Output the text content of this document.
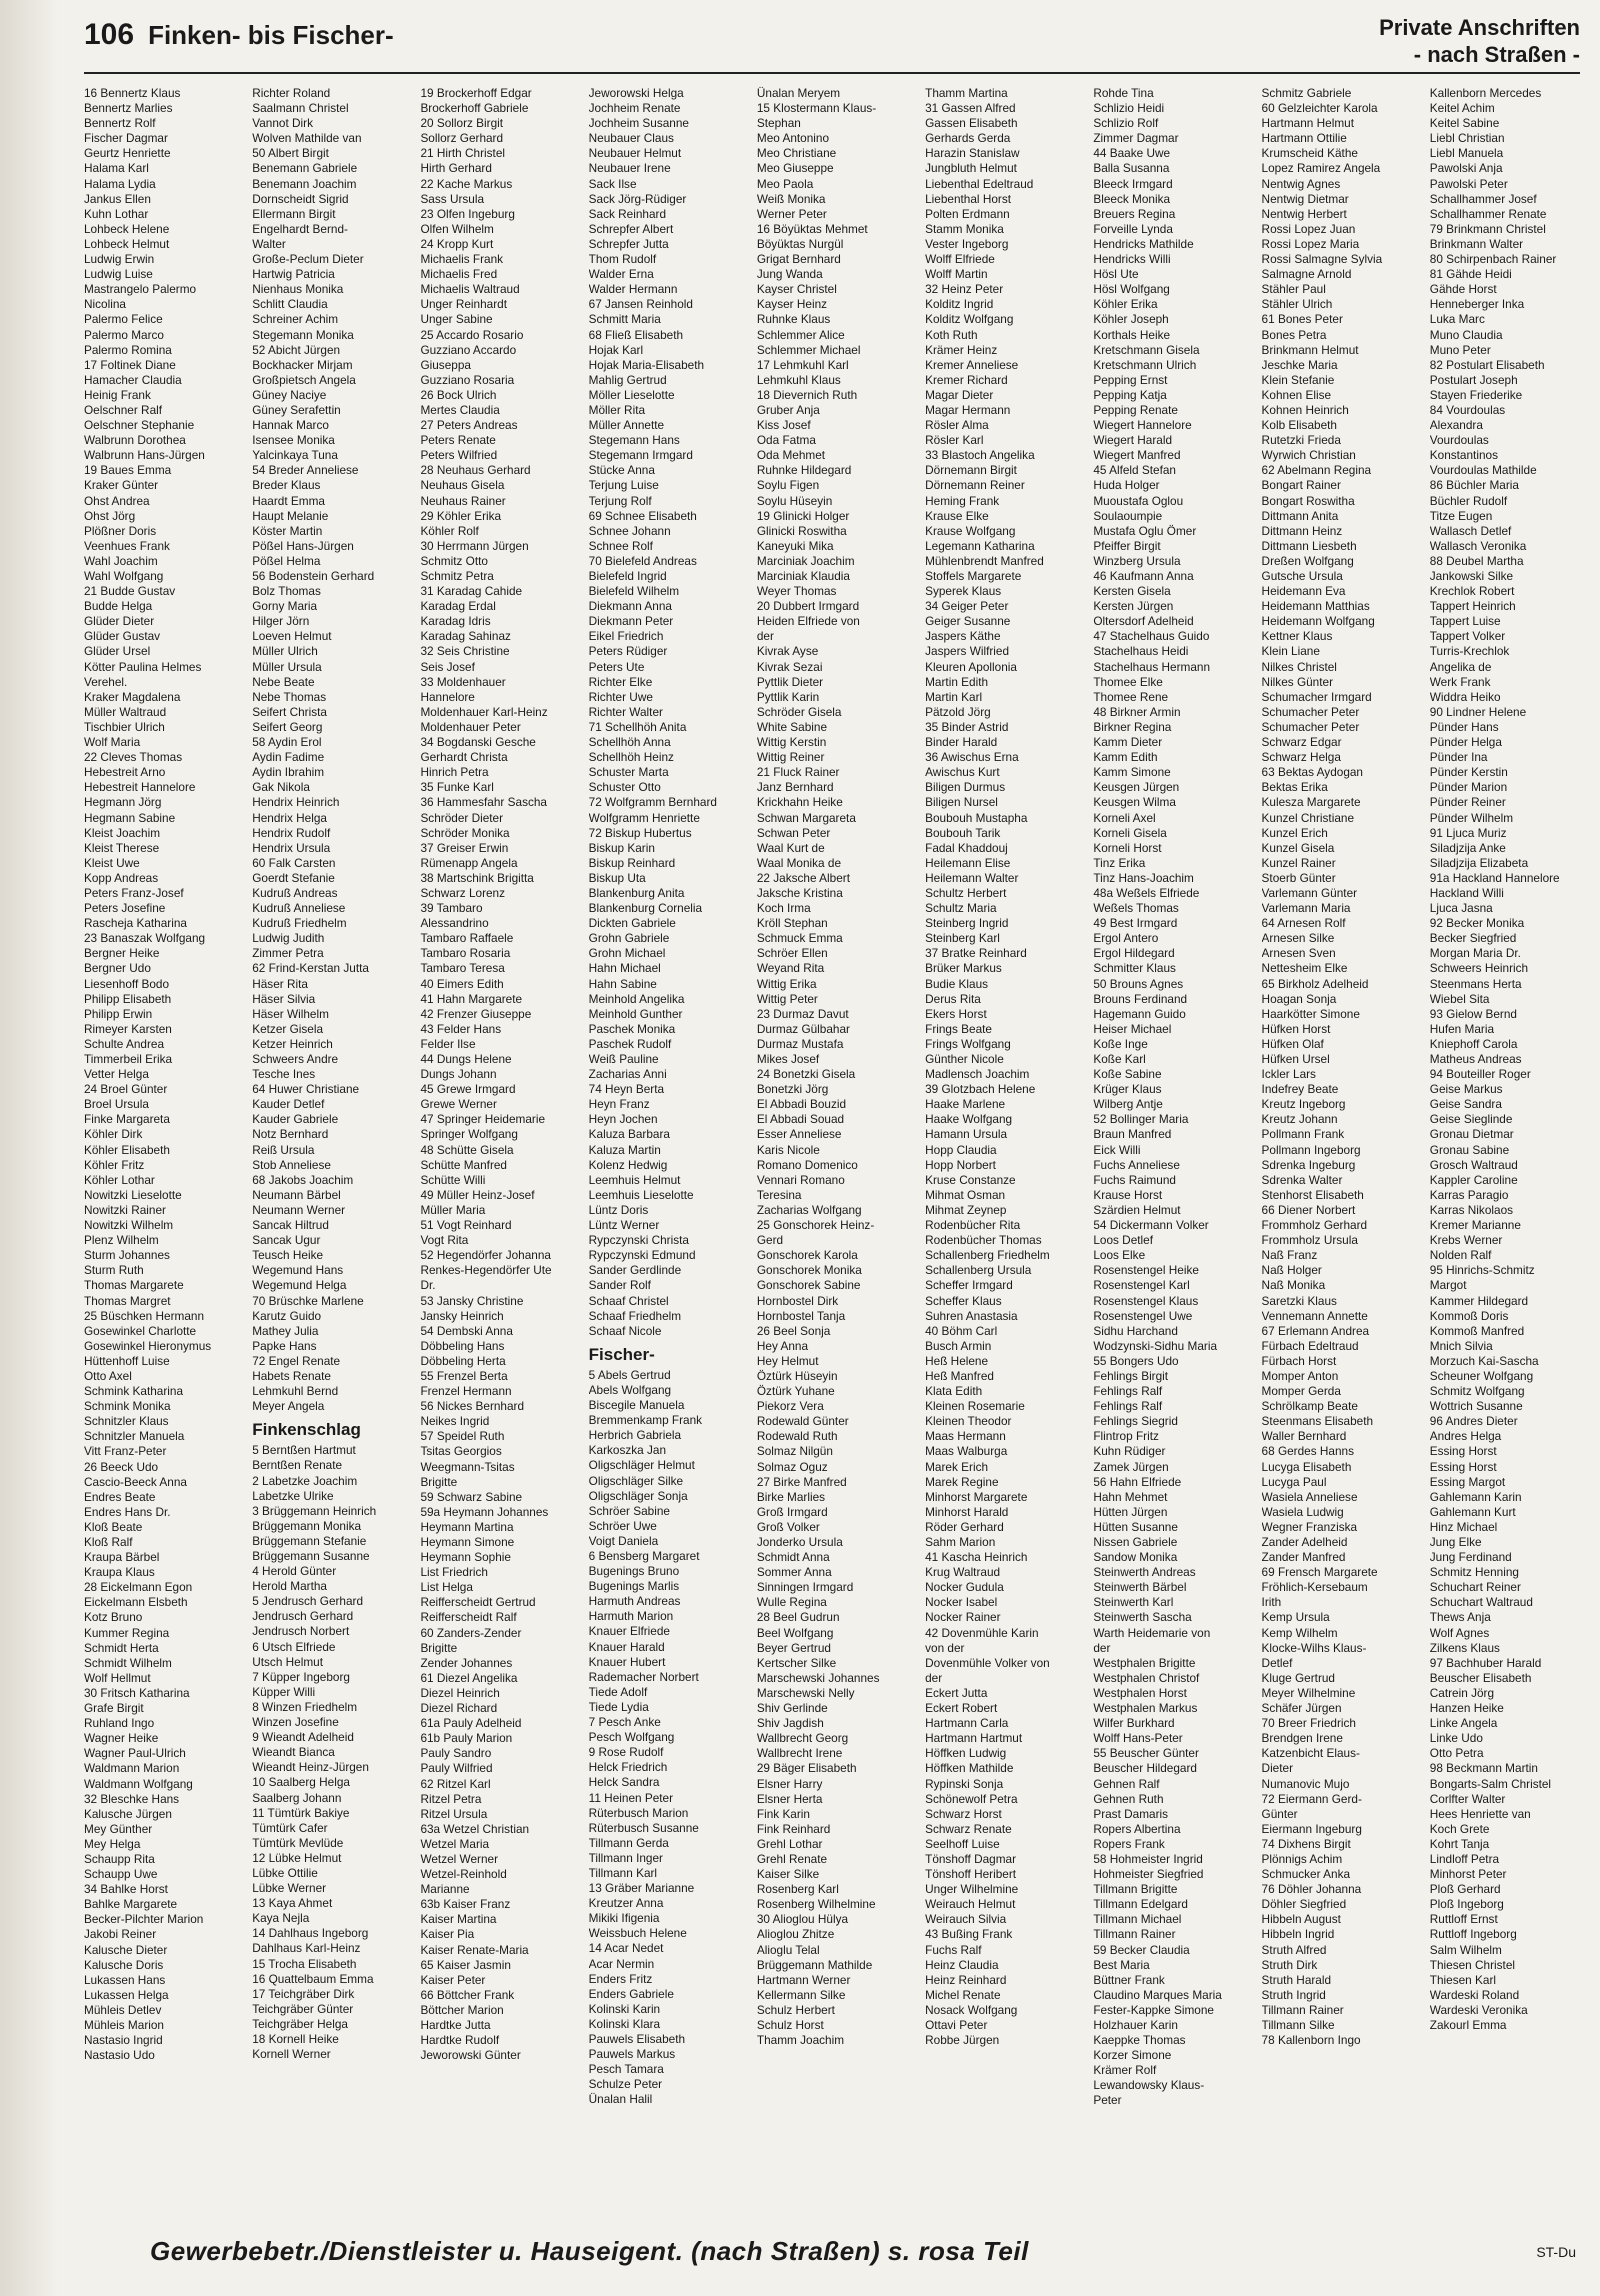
106 Finken- bis Fischer-	Private Anschriften
- nach Straßen -
16 Bennertz Klaus
Bennertz Marlies
Bennertz Rolf
Fischer Dagmar
Geurtz Henriette
Halama Karl
Halama Lydia
Jankus Ellen
Kuhn Lothar
Lohbeck Helene
Lohbeck Helmut
Ludwig Erwin
Ludwig Luise
Mastrangelo Palermo
Nicolina
Palermo Felice
Palermo Marco
Palermo Romina
17 Foltinek Diane
Hamacher Claudia
Heinig Frank
Oelschner Ralf
Oelschner Stephanie
Walbrunn Dorothea
Walbrunn Hans-Jürgen
19 Baues Emma
Kraker Günter
Ohst Andrea
Ohst Jörg
Plößner Doris
Veenhues Frank
Wahl Joachim
Wahl Wolfgang
21 Budde Gustav
Budde Helga
Glüder Dieter
Glüder Gustav
Glüder Ursel
Kötter Paulina Helmes
Verehel.
Kraker Magdalena
Müller Waltraud
Tischbier Ulrich
Wolf Maria
22 Cleves Thomas
Hebestreit Arno
Hebestreit Hannelore
Hegmann Jörg
Hegmann Sabine
Kleist Joachim
Kleist Therese
Kleist Uwe
Kopp Andreas
Peters Franz-Josef
Peters Josefine
Rascheja Katharina
23 Banaszak Wolfgang
Bergner Heike
Bergner Udo
Liesenhoff Bodo
Philipp Elisabeth
Philipp Erwin
Rimeyer Karsten
Schulte Andrea
Timmerbeil Erika
Vetter Helga
24 Broel Günter
Broel Ursula
Finke Margareta
Köhler Dirk
Köhler Elisabeth
Köhler Fritz
Köhler Lothar
Nowitzki Lieselotte
Nowitzki Rainer
Nowitzki Wilhelm
Plenz Wilhelm
Sturm Johannes
Sturm Ruth
Thomas Margarete
Thomas Margret
25 Büschken Hermann
Gosewinkel Charlotte
Gosewinkel Hieronymus
Hüttenhoff Luise
Otto Axel
Schmink Katharina
Schmink Monika
Schnitzler Klaus
Schnitzler Manuela
Vitt Franz-Peter
26 Beeck Udo
Cascio-Beeck Anna
Endres Beate
Endres Hans Dr.
Kloß Beate
Kloß Ralf
Kraupa Bärbel
Kraupa Klaus
28 Eickelmann Egon
Eickelmann Elsbeth
Kotz Bruno
Kummer Regina
Schmidt Herta
Schmidt Wilhelm
Wolf Hellmut
30 Fritsch Katharina
Grafe Birgit
Ruhland Ingo
Wagner Heike
Wagner Paul-Ulrich
Waldmann Marion
Waldmann Wolfgang
32 Bleschke Hans
Kalusche Jürgen
Mey Günther
Mey Helga
Schaupp Rita
Schaupp Uwe
34 Bahlke Horst
Bahlke Margarete
Becker-Pilchter Marion
Jakobi Reiner
Kalusche Dieter
Kalusche Doris
Lukassen Hans
Lukassen Helga
Mühleis Detlev
Mühleis Marion
Nastasio Ingrid
Nastasio Udo
Richter Roland
Saalmann Christel
Vannot Dirk
Wolven Mathilde van
50 Albert Birgit
Benemann Gabriele
Benemann Joachim
Dornscheidt Sigrid
Ellermann Birgit
Engelhardt Bernd-
Walter
Große-Peclum Dieter
Hartwig Patricia
Nienhaus Monika
Schlitt Claudia
Schreiner Achim
Stegemann Monika
52 Abicht Jürgen
Bockhacker Mirjam
Großpietsch Angela
Güney Naciye
Güney Serafettin
Hannak Marco
Isensee Monika
Yalcinkaya Tuna
54 Breder Anneliese
Breder Klaus
Haardt Emma
Haupt Melanie
Köster Martin
Pößel Hans-Jürgen
Pößel Helma
56 Bodenstein Gerhard
Bolz Thomas
Gorny Maria
Hilger Jörn
Loeven Helmut
Müller Ulrich
Müller Ursula
Nebe Beate
Nebe Thomas
Seifert Christa
Seifert Georg
58 Aydin Erol
Aydin Fadime
Aydin Ibrahim
Gak Nikola
Hendrix Heinrich
Hendrix Helga
Hendrix Rudolf
Hendrix Ursula
60 Falk Carsten
Goerdt Stefanie
Kudruß Andreas
Kudruß Anneliese
Kudruß Friedhelm
Ludwig Judith
Zimmer Petra
62 Frind-Kerstan Jutta
Häser Rita
Häser Silvia
Häser Wilhelm
Ketzer Gisela
Ketzer Heinrich
Schweers Andre
Tesche Ines
64 Huwer Christiane
Kauder Detlef
Kauder Gabriele
Notz Bernhard
Reiß Ursula
Stob Anneliese
68 Jakobs Joachim
Neumann Bärbel
Neumann Werner
Sancak Hiltrud
Sancak Ugur
Teusch Heike
Wegemund Hans
Wegemund Helga
70 Brüschke Marlene
Karutz Guido
Mathey Julia
Papke Hans
72 Engel Renate
Habets Renate
Lehmkuhl Bernd
Meyer Angela
Finkenschlag
5 Berntßen Hartmut
Berntßen Renate
2 Labetzke Joachim
Labetzke Ulrike
3 Brüggemann Heinrich
Brüggemann Monika
Brüggemann Stefanie
Brüggemann Susanne
4 Herold Günter
Herold Martha
5 Jendrusch Gerhard
Jendrusch Gerhard
Jendrusch Norbert
6 Utsch Elfriede
Utsch Helmut
7 Küpper Ingeborg
Küpper Willi
8 Winzen Friedhelm
Winzen Josefine
9 Wieandt Adelheid
Wieandt Bianca
Wieandt Heinz-Jürgen
10 Saalberg Helga
Saalberg Johann
11 Tümtürk Bakiye
Tümtürk Cafer
Tümtürk Mevlüde
12 Lübke Helmut
Lübke Ottilie
Lübke Werner
13 Kaya Ahmet
Kaya Nejla
14 Dahlhaus Ingeborg
Dahlhaus Karl-Heinz
15 Trocha Elisabeth
16 Quattelbaum Emma
17 Teichgräber Dirk
Teichgräber Günter
Teichgräber Helga
18 Kornell Heike
Kornell Werner
19 Brockerhoff Edgar
Brockerhoff Gabriele
20 Sollorz Birgit
Sollorz Gerhard
21 Hirth Christel
Hirth Gerhard
22 Kache Markus
Sass Ursula
23 Olfen Ingeburg
Olfen Wilhelm
24 Kropp Kurt
Michaelis Frank
Michaelis Fred
Michaelis Waltraud
Unger Reinhardt
Unger Sabine
25 Accardo Rosario
Guzziano Accardo
Giuseppa
Guzziano Rosaria
26 Bock Ulrich
Mertes Claudia
27 Peters Andreas
Peters Renate
Peters Wilfried
28 Neuhaus Gerhard
Neuhaus Gisela
Neuhaus Rainer
29 Köhler Erika
Köhler Rolf
30 Herrmann Jürgen
Schmitz Otto
Schmitz Petra
31 Karadag Cahide
Karadag Erdal
Karadag Idris
Karadag Sahinaz
32 Seis Christine
Seis Josef
33 Moldenhauer
Hannelore
Moldenhauer Karl-Heinz
Moldenhauer Peter
34 Bogdanski Gesche
Gerhardt Christa
Hinrich Petra
35 Funke Karl
36 Hammesfahr Sascha
Schröder Dieter
Schröder Monika
37 Greiser Erwin
Rümenapp Angela
38 Martschink Brigitta
Schwarz Lorenz
39 Tambaro
Alessandrino
Tambaro Raffaele
Tambaro Rosaria
Tambaro Teresa
40 Eimers Edith
41 Hahn Margarete
42 Frenzer Giuseppe
43 Felder Hans
Felder Ilse
44 Dungs Helene
Dungs Johann
45 Grewe Irmgard
Grewe Werner
47 Springer Heidemarie
Springer Wolfgang
48 Schütte Gisela
Schütte Manfred
Schütte Willi
49 Müller Heinz-Josef
Müller Maria
51 Vogt Reinhard
Vogt Rita
52 Hegendörfer Johanna
Renkes-Hegendörfer Ute
Dr.
53 Jansky Christine
Jansky Heinrich
54 Dembski Anna
Döbbeling Hans
Döbbeling Herta
55 Frenzel Berta
Frenzel Hermann
56 Nickes Bernhard
Neikes Ingrid
57 Speidel Ruth
Tsitas Georgios
Weegmann-Tsitas
Brigitte
59 Schwarz Sabine
59a Heymann Johannes
Heymann Martina
Heymann Simone
Heymann Sophie
List Friedrich
List Helga
Reifferscheidt Gertrud
Reifferscheidt Ralf
60 Zanders-Zender
Brigitte
Zender Johannes
61 Diezel Angelika
Diezel Heinrich
Diezel Richard
61a Pauly Adelheid
61b Pauly Marion
Pauly Sandro
Pauly Wilfried
62 Ritzel Karl
Ritzel Petra
Ritzel Ursula
63a Wetzel Christian
Wetzel Maria
Wetzel Werner
Wetzel-Reinhold
Marianne
63b Kaiser Franz
Kaiser Martina
Kaiser Pia
Kaiser Renate-Maria
65 Kaiser Jasmin
Kaiser Peter
66 Böttcher Frank
Böttcher Marion
Hardtke Jutta
Hardtke Rudolf
Jeworowski Günter
Jeworowski Helga
Jochheim Renate
Jochheim Susanne
Neubauer Claus
Neubauer Helmut
Neubauer Irene
Sack Ilse
Sack Jörg-Rüdiger
Sack Reinhard
Schrepfer Albert
Schrepfer Jutta
Thom Rudolf
Walder Erna
Walder Hermann
67 Jansen Reinhold
Schmitt Maria
68 Fließ Elisabeth
Hojak Karl
Hojak Maria-Elisabeth
Mahlig Gertrud
Möller Lieselotte
Möller Rita
Müller Annette
Stegemann Hans
Stegemann Irmgard
Stücke Anna
Terjung Luise
Terjung Rolf
69 Schnee Elisabeth
Schnee Johann
Schnee Rolf
70 Bielefeld Andreas
Bielefeld Ingrid
Bielefeld Wilhelm
Diekmann Anna
Diekmann Peter
Eikel Friedrich
Peters Rüdiger
Peters Ute
Richter Elke
Richter Uwe
Richter Walter
71 Schellhöh Anita
Schellhöh Anna
Schellhöh Heinz
Schuster Marta
Schuster Otto
72 Wolfgramm Bernhard
Wolfgramm Henriette
72 Biskup Hubertus
Biskup Karin
Biskup Reinhard
Biskup Uta
Blankenburg Anita
Blankenburg Cornelia
Dickten Gabriele
Grohn Gabriele
Grohn Michael
Hahn Michael
Hahn Sabine
Meinhold Angelika
Meinhold Gunther
Paschek Monika
Paschek Rudolf
Weiß Pauline
Zacharias Anni
74 Heyn Berta
Heyn Franz
Heyn Jochen
Kaluza Barbara
Kaluza Martin
Kolenz Hedwig
Leemhuis Helmut
Leemhuis Lieselotte
Lüntz Doris
Lüntz Werner
Rypczynski Christa
Rypczynski Edmund
Sander Gerdlinde
Sander Rolf
Schaaf Christel
Schaaf Friedhelm
Schaaf Nicole
Fischer-
5 Abels Gertrud
Abels Wolfgang
Biscegile Manuela
Bremmenkamp Frank
Herbrich Gabriela
Karkoszka Jan
Oligschläger Helmut
Oligschläger Silke
Oligschläger Sonja
Schröer Sabine
Schröer Uwe
Voigt Daniela
6 Bensberg Margaret
Bugenings Bruno
Bugenings Marlis
Harmuth Andreas
Harmuth Marion
Knauer Elfriede
Knauer Harald
Knauer Hubert
Rademacher Norbert
Tiede Adolf
Tiede Lydia
7 Pesch Anke
Pesch Wolfgang
9 Rose Rudolf
Helck Friedrich
Helck Sandra
11 Heinen Peter
Rüterbusch Marion
Rüterbusch Susanne
Tillmann Gerda
Tillmann Inger
Tillmann Karl
13 Gräber Marianne
Kreutzer Anna
Mikiki Ifigenia
Weissbuch Helene
14 Acar Nedet
Acar Nermin
Enders Fritz
Enders Gabriele
Kolinski Karin
Kolinski Klara
Pauwels Elisabeth
Pauwels Markus
Pesch Tamara
Schulze Peter
Ünalan Halil
Ünalan Meryem
15 Klostermann Klaus-
Stephan
Meo Antonino
Meo Christiane
Meo Giuseppe
Meo Paola
Weiß Monika
Werner Peter
16 Böyüktas Mehmet
Böyüktas Nurgül
Grigat Bernhard
Jung Wanda
Kayser Christel
Kayser Heinz
Ruhnke Klaus
Schlemmer Alice
Schlemmer Michael
17 Lehmkuhl Karl
Lehmkuhl Klaus
18 Dievernich Ruth
Gruber Anja
Kiss Josef
Oda Fatma
Oda Mehmet
Ruhnke Hildegard
Soylu Figen
Soylu Hüseyin
19 Glinicki Holger
Glinicki Roswitha
Kaneyuki Mika
Marciniak Joachim
Marciniak Klaudia
Weyer Thomas
20 Dubbert Irmgard
Heiden Elfriede von
der
Kivrak Ayse
Kivrak Sezai
Pyttlik Dieter
Pyttlik Karin
Schröder Gisela
White Sabine
Wittig Kerstin
Wittig Reiner
21 Fluck Rainer
Janz Bernhard
Krickhahn Heike
Schwan Margareta
Schwan Peter
Waal Kurt de
Waal Monika de
22 Jaksche Albert
Jaksche Kristina
Koch Irma
Kröll Stephan
Schmuck Emma
Schröer Ellen
Weyand Rita
Wittig Erika
Wittig Peter
23 Durmaz Davut
Durmaz Gülbahar
Durmaz Mustafa
Mikes Josef
24 Bonetzki Gisela
Bonetzki Jörg
El Abbadi Bouzid
El Abbadi Souad
Esser Anneliese
Karis Nicole
Romano Domenico
Vennari Romano
Teresina
Zacharias Wolfgang
25 Gonschorek Heinz-
Gerd
Gonschorek Karola
Gonschorek Monika
Gonschorek Sabine
Hornbostel Dirk
Hornbostel Tanja
26 Beel Sonja
Hey Anna
Hey Helmut
Öztürk Hüseyin
Öztürk Yuhane
Piekorz Vera
Rodewald Günter
Rodewald Ruth
Solmaz Nilgün
Solmaz Oguz
27 Birke Manfred
Birke Marlies
Groß Irmgard
Groß Volker
Jonderko Ursula
Schmidt Anna
Sommer Anna
Sinningen Irmgard
Wulle Regina
28 Beel Gudrun
Beel Wolfgang
Beyer Gertrud
Kertscher Silke
Marschewski Johannes
Marschewski Nelly
Shiv Gerlinde
Shiv Jagdish
Wallbrecht Georg
Wallbrecht Irene
29 Bäger Elisabeth
Elsner Harry
Elsner Herta
Fink Karin
Fink Reinhard
Grehl Lothar
Grehl Renate
Kaiser Silke
Rosenberg Karl
Rosenberg Wilhelmine
30 Alioglou Hülya
Alioglou Zhitze
Alioglu Telal
Brüggemann Mathilde
Hartmann Werner
Kellermann Silke
Schulz Herbert
Schulz Horst
Thamm Joachim
Thamm Martina
31 Gassen Alfred
Gassen Elisabeth
Gerhards Gerda
Harazin Stanislaw
Jungbluth Helmut
Liebenthal Edeltraud
Liebenthal Horst
Polten Erdmann
Stamm Monika
Vester Ingeborg
Wolff Elfriede
Wolff Martin
32 Heinz Peter
Kolditz Ingrid
Kolditz Wolfgang
Koth Ruth
Krämer Heinz
Kremer Anneliese
Kremer Richard
Magar Dieter
Magar Hermann
Rösler Alma
Rösler Karl
33 Blastoch Angelika
Dörnemann Birgit
Dörnemann Reiner
Heming Frank
Krause Elke
Krause Wolfgang
Legemann Katharina
Mühlenbrendt Manfred
Stoffels Margarete
Syperek Klaus
34 Geiger Peter
Geiger Susanne
Jaspers Käthe
Jaspers Wilfried
Kleuren Apollonia
Martin Edith
Martin Karl
Pätzold Jörg
35 Binder Astrid
Binder Harald
36 Awischus Erna
Awischus Kurt
Biligen Durmus
Biligen Nursel
Boubouh Mustapha
Boubouh Tarik
Fadal Khaddouj
Heilemann Elise
Heilemann Walter
Schultz Herbert
Schultz Maria
Steinberg Ingrid
Steinberg Karl
37 Bratke Reinhard
Brüker Markus
Budie Klaus
Derus Rita
Ekers Horst
Frings Beate
Frings Wolfgang
Günther Nicole
Madlensch Joachim
39 Glotzbach Helene
Haake Marlene
Haake Wolfgang
Hamann Ursula
Hopp Claudia
Hopp Norbert
Kruse Constanze
Mihmat Osman
Mihmat Zeynep
Rodenbücher Rita
Rodenbücher Thomas
Schallenberg Friedhelm
Schallenberg Ursula
Scheffer Irmgard
Scheffer Klaus
Suhren Anastasia
40 Böhm Carl
Busch Armin
Heß Helene
Heß Manfred
Klata Edith
Kleinen Rosemarie
Kleinen Theodor
Maas Hermann
Maas Walburga
Marek Erich
Marek Regine
Minhorst Margarete
Minhorst Harald
Röder Gerhard
Sahm Marion
41 Kascha Heinrich
Krug Waltraud
Nocker Gudula
Nocker Isabel
Nocker Rainer
42 Dovenmühle Karin
von der
Dovenmühle Volker von
der
Eckert Jutta
Eckert Robert
Hartmann Carla
Hartmann Hartmut
Höffken Ludwig
Höffken Mathilde
Rypinski Sonja
Schönewolf Petra
Schwarz Horst
Schwarz Renate
Seelhoff Luise
Tönshoff Dagmar
Tönshoff Heribert
Unger Wilhelmine
Weirauch Helmut
Weirauch Silvia
43 Bußing Frank
Fuchs Ralf
Heinz Claudia
Heinz Reinhard
Michel Renate
Nosack Wolfgang
Ottavi Peter
Robbe Jürgen
Rohde Tina
Schlizio Heidi
Schlizio Rolf
Zimmer Dagmar
44 Baake Uwe
Balla Susanna
Bleeck Irmgard
Bleeck Monika
Breuers Regina
Forveille Lynda
Hendricks Mathilde
Hendricks Willi
Hösl Ute
Hösl Wolfgang
Köhler Erika
Köhler Joseph
Korthals Heike
Kretschmann Gisela
Kretschmann Ulrich
Pepping Ernst
Pepping Katja
Pepping Renate
Wiegert Hannelore
Wiegert Harald
Wiegert Manfred
45 Alfeld Stefan
Huda Holger
Muoustafa Oglou
Soulaoumpie
Mustafa Oglu Ömer
Pfeiffer Birgit
Winzberg Ursula
46 Kaufmann Anna
Kersten Gisela
Kersten Jürgen
Oltersdorf Adelheid
47 Stachelhaus Guido
Stachelhaus Heidi
Stachelhaus Hermann
Thomee Elke
Thomee Rene
48 Birkner Armin
Birkner Regina
Kamm Dieter
Kamm Edith
Kamm Simone
Keusgen Jürgen
Keusgen Wilma
Korneli Axel
Korneli Gisela
Korneli Horst
Tinz Erika
Tinz Hans-Joachim
48a Weßels Elfriede
Weßels Thomas
49 Best Irmgard
Ergol Antero
Ergol Hildegard
Schmitter Klaus
50 Brouns Agnes
Brouns Ferdinand
Hagemann Guido
Heiser Michael
Koße Inge
Koße Karl
Koße Sabine
Krüger Klaus
Wilberg Antje
52 Bollinger Maria
Braun Manfred
Eick Willi
Fuchs Anneliese
Fuchs Raimund
Krause Horst
Szärdien Helmut
54 Dickermann Volker
Loos Detlef
Loos Elke
Rosenstengel Heike
Rosenstengel Karl
Rosenstengel Klaus
Rosenstengel Uwe
Sidhu Harchand
Wodzynski-Sidhu Maria
55 Bongers Udo
Fehlings Birgit
Fehlings Ralf
Fehlings Ralf
Fehlings Siegrid
Flintrop Fritz
Kuhn Rüdiger
Zamek Jürgen
56 Hahn Elfriede
Hahn Mehmet
Hütten Jürgen
Hütten Susanne
Nissen Gabriele
Sandow Monika
Steinwerth Andreas
Steinwerth Bärbel
Steinwerth Karl
Steinwerth Sascha
Warth Heidemarie von
der
Westphalen Brigitte
Westphalen Christof
Westphalen Horst
Westphalen Markus
Wilfer Burkhard
Wolff Hans-Peter
55 Beuscher Günter
Beuscher Hildegard
Gehnen Ralf
Gehnen Ruth
Prast Damaris
Ropers Albertina
Ropers Frank
58 Hohmeister Ingrid
Hohmeister Siegfried
Tillmann Brigitte
Tillmann Edelgard
Tillmann Michael
Tillmann Rainer
59 Becker Claudia
Best Maria
Büttner Frank
Claudino Marques Maria
Fester-Kappke Simone
Holzhauer Karin
Kaeppke Thomas
Korzer Simone
Krämer Rolf
Lewandowsky Klaus-
Peter
Schmitz Gabriele
60 Gelzleichter Karola
Hartmann Helmut
Hartmann Ottilie
Krumscheid Käthe
Lopez Ramirez Angela
Nentwig Agnes
Nentwig Dietmar
Nentwig Herbert
Rossi Lopez Juan
Rossi Lopez Maria
Rossi Salmagne Sylvia
Salmagne Arnold
Stähler Paul
Stähler Ulrich
61 Bones Peter
Bones Petra
Brinkmann Helmut
Jeschke Maria
Klein Stefanie
Kohnen Elise
Kohnen Heinrich
Kolb Elisabeth
Rutetzki Frieda
Wyrwich Christian
62 Abelmann Regina
Bongart Rainer
Bongart Roswitha
Dittmann Anita
Dittmann Heinz
Dittmann Liesbeth
Dreßen Wolfgang
Gutsche Ursula
Heidemann Eva
Heidemann Matthias
Heidemann Wolfgang
Kettner Klaus
Klein Liane
Nilkes Christel
Nilkes Günter
Schumacher Irmgard
Schumacher Peter
Schumacher Peter
Schwarz Edgar
Schwarz Helga
63 Bektas Aydogan
Bektas Erika
Kulesza Margarete
Kunzel Christiane
Kunzel Erich
Kunzel Gisela
Kunzel Rainer
Stoerb Günter
Varlemann Günter
Varlemann Maria
64 Arnesen Rolf
Arnesen Silke
Arnesen Sven
Nettesheim Elke
65 Birkholz Adelheid
Hoagan Sonja
Haarkötter Simone
Hüfken Horst
Hüfken Olaf
Hüfken Ursel
Ickler Lars
Indefrey Beate
Kreutz Ingeborg
Kreutz Johann
Pollmann Frank
Pollmann Ingeborg
Sdrenka Ingeburg
Sdrenka Walter
Stenhorst Elisabeth
66 Diener Norbert
Frommholz Gerhard
Frommholz Ursula
Naß Franz
Naß Holger
Naß Monika
Saretzki Klaus
Vennemann Annette
67 Erlemann Andrea
Fürbach Edeltraud
Fürbach Horst
Momper Anton
Momper Gerda
Schrölkamp Beate
Steenmans Elisabeth
Waller Bernhard
68 Gerdes Hanns
Lucyga Elisabeth
Lucyga Paul
Wasiela Anneliese
Wasiela Ludwig
Wegner Franziska
Zander Adelheid
Zander Manfred
69 Frensch Margarete
Fröhlich-Kersebaum
Irith
Kemp Ursula
Kemp Wilhelm
Klocke-Wilhs Klaus-
Detlef
Kluge Gertrud
Meyer Wilhelmine
Schäfer Jürgen
70 Breer Friedrich
Brendgen Irene
Katzenbicht Elaus-
Dieter
Numanovic Mujo
72 Eiermann Gerd-
Günter
Eiermann Ingeburg
74 Dixhens Birgit
Plönnigs Achim
Schmucker Anka
76 Döhler Johanna
Döhler Siegfried
Hibbeln August
Hibbeln Ingrid
Struth Alfred
Struth Dirk
Struth Harald
Struth Ingrid
Tillmann Rainer
Tillmann Silke
78 Kallenborn Ingo
Kallenborn Mercedes
Keitel Achim
Keitel Sabine
Liebl Christian
Liebl Manuela
Pawolski Anja
Pawolski Peter
Schallhammer Josef
Schallhammer Renate
79 Brinkmann Christel
Brinkmann Walter
80 Schirpenbach Rainer
81 Gähde Heidi
Gähde Horst
Henneberger Inka
Luka Marc
Muno Claudia
Muno Peter
82 Postulart Elisabeth
Postulart Joseph
Stayen Friederike
84 Vourdoulas
Alexandra
Vourdoulas
Konstantinos
Vourdoulas Mathilde
86 Büchler Maria
Büchler Rudolf
Titze Eugen
Wallasch Detlef
Wallasch Veronika
88 Deubel Martha
Jankowski Silke
Krechlok Robert
Tappert Heinrich
Tappert Luise
Tappert Volker
Turris-Krechlok
Angelika de
Werk Frank
Widdra Heiko
90 Lindner Helene
Pünder Hans
Pünder Helga
Pünder Ina
Pünder Kerstin
Pünder Marion
Pünder Reiner
Pünder Wilhelm
91 Ljuca Muriz
Siladjzija Anke
Siladjzija Elizabeta
91a Hackland Hannelore
Hackland Willi
Ljuca Jasna
92 Becker Monika
Becker Siegfried
Morgan Maria Dr.
Schweers Heinrich
Steenmans Herta
Wiebel Sita
93 Gielow Bernd
Hufen Maria
Kniephoff Carola
Matheus Andreas
94 Bouteiller Roger
Geise Markus
Geise Sandra
Geise Sieglinde
Gronau Dietmar
Gronau Sabine
Grosch Waltraud
Kappler Caroline
Karras Paragio
Karras Nikolaos
Kremer Marianne
Krebs Werner
Nolden Ralf
95 Hinrichs-Schmitz
Margot
Kammer Hildegard
Kommoß Doris
Kommoß Manfred
Mnich Silvia
Morzuch Kai-Sascha
Scheuner Wolfgang
Schmitz Wolfgang
Wottrich Susanne
96 Andres Dieter
Andres Helga
Essing Horst
Essing Horst
Essing Margot
Gahlemann Karin
Gahlemann Kurt
Hinz Michael
Jung Elke
Jung Ferdinand
Schmitz Henning
Schuchart Reiner
Schuchart Waltraud
Thews Anja
Wolf Agnes
Zilkens Klaus
97 Bachhuber Harald
Beuscher Elisabeth
Catrein Jörg
Hanzen Heike
Linke Angela
Linke Udo
Otto Petra
98 Beckmann Martin
Bongarts-Salm Christel
Corlfter Walter
Hees Henriette van
Koch Grete
Kohrt Tanja
Lindloff Petra
Minhorst Peter
Ploß Gerhard
Ploß Ingeborg
Ruttloff Ernst
Ruttloff Ingeborg
Salm Wilhelm
Thiesen Christel
Thiesen Karl
Wardeski Roland
Wardeski Veronika
Zakourl Emma
Gewerbebetr./Dienstleister u. Hauseigent. (nach Straßen) s. rosa Teil	ST-Du
